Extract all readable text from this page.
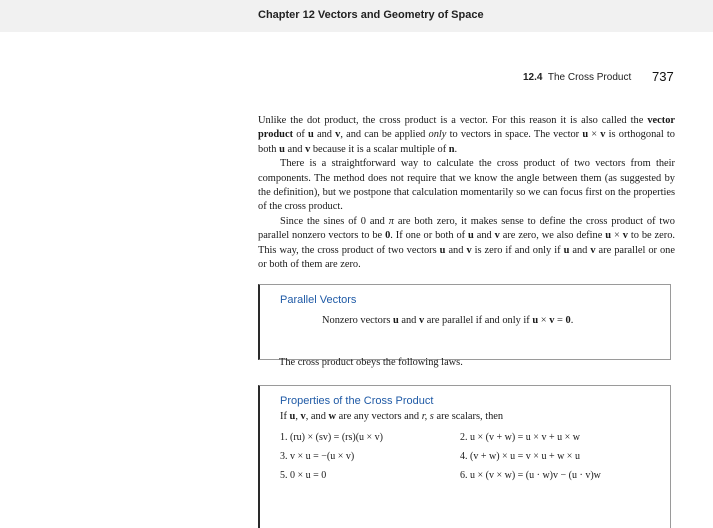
Chapter 12 Vectors and Geometry of Space
12.4 The Cross Product 737

Unlike the dot product, the cross product is a vector. For this reason it is also called the vector product of u and v, and can be applied only to vectors in space. The vector u × v is orthogonal to both u and v because it is a scalar multiple of n.

There is a straightforward way to calculate the cross product of two vectors from their components. The method does not require that we know the angle between them (as suggested by the definition), but we postpone that calculation momentarily so we can focus first on the properties of the cross product.

Since the sines of 0 and π are both zero, it makes sense to define the cross product of two parallel nonzero vectors to be 0. If one or both of u and v are zero, we also define u × v to be zero. This way, the cross product of two vectors u and v is zero if and only if u and v are parallel or one or both of them are zero.

Parallel Vectors
Nonzero vectors u and v are parallel if and only if u × v = 0.
The cross product obeys the following laws.
Properties of the Cross Product
If u, v, and w are any vectors and r, s are scalars, then
1. (ru) × (sv) = (rs)(u × v)	2. u × (v + w) = u × v + u × w
3. v × u = −(u × v)	4. (v + w) × u = v × u + w × u
5. 0 × u = 0	6. u × (v × w) = (u · w)v − (u · v)w
